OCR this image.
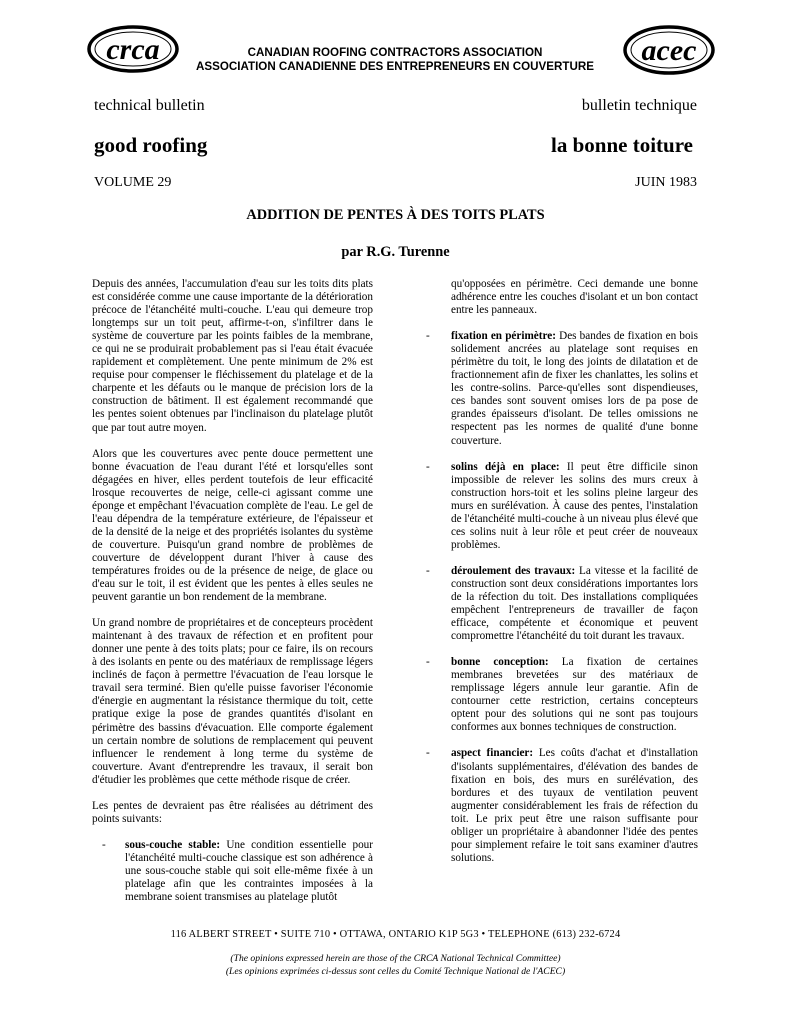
crca	acec
CANADIAN ROOFING CONTRACTORS ASSOCIATION
ASSOCIATION CANADIENNE DES ENTREPRENEURS EN COUVERTURE
technical bulletin	bulletin technique
good roofing	la bonne toiture
VOLUME 29	JUIN 1983
ADDITION DE PENTES À DES TOITS PLATS
par R.G. Turenne

Depuis des années, l'accumulation d'eau sur les toits dits plats est considérée comme une cause importante de la détérioration précoce de l'étanchéité multi-couche. L'eau qui demeure trop longtemps sur un toit peut, affirme-t-on, s'infiltrer dans le système de couverture par les points faibles de la membrane, ce qui ne se produirait probablement pas si l'eau était évacuée rapidement et complètement. Une pente minimum de 2% est requise pour compenser le fléchissement du platelage et de la charpente et les défauts ou le manque de précision lors de la construction de bâtiment. Il est également recommandé que les pentes soient obtenues par l'inclinaison du platelage plutôt que par tout autre moyen.

Alors que les couvertures avec pente douce permettent une bonne évacuation de l'eau durant l'été et lorsqu'elles sont dégagées en hiver, elles perdent toutefois de leur efficacité lrosque recouvertes de neige, celle-ci agissant comme une éponge et empêchant l'évacuation complète de l'eau. Le gel de l'eau dépendra de la température extérieure, de l'épaisseur et de la densité de la neige et des propriétés isolantes du système de couverture. Puisqu'un grand nombre de problèmes de couverture de développent durant l'hiver à cause des températures froides ou de la présence de neige, de glace ou d'eau sur le toit, il est évident que les pentes à elles seules ne peuvent garantie un bon rendement de la membrane.

Un grand nombre de propriétaires et de concepteurs procèdent maintenant à des travaux de réfection et en profitent pour donner une pente à des toits plats; pour ce faire, ils on recours à des isolants en pente ou des matériaux de remplissage légers inclinés de façon à permettre l'évacuation de l'eau lorsque le travail sera terminé. Bien qu'elle puisse favoriser l'économie d'énergie en augmentant la résistance thermique du toit, cette pratique exige la pose de grandes quantités d'isolant en périmètre des bassins d'évacuation. Elle comporte également un certain nombre de solutions de remplacement qui peuvent influencer le rendement à long terme du système de couverture. Avant d'entreprendre les travaux, il serait bon d'étudier les problèmes que cette méthode risque de créer.

Les pentes de devraient pas être réalisées au détriment des points suivants:

- sous-couche stable: Une condition essentielle pour l'étanchéité multi-couche classique est son adhérence à une sous-couche stable qui soit elle-même fixée à un platelage afin que les contraintes imposées à la membrane soient transmises au platelage plutôt

qu'opposées en périmètre. Ceci demande une bonne adhérence entre les couches d'isolant et un bon contact entre les panneaux.

- fixation en périmètre: Des bandes de fixation en bois solidement ancrées au platelage sont requises en périmètre du toit, le long des joints de dilatation et de fractionnement afin de fixer les chanlattes, les solins et les contre-solins. Parce-qu'elles sont dispendieuses, ces bandes sont souvent omises lors de pa pose de grandes épaisseurs d'isolant. De telles omissions ne respectent pas les normes de qualité d'une bonne couverture.
- solins déjà en place: Il peut être difficile sinon impossible de relever les solins des murs creux à construction hors-toit et les solins pleine largeur des murs en surélévation. À cause des pentes, l'instalation de l'étanchéité multi-couche à un niveau plus élevé que ces solins nuit à leur rôle et peut créer de nouveaux problèmes.
- déroulement des travaux: La vitesse et la facilité de construction sont deux considérations importantes lors de la réfection du toit. Des installations compliquées empêchent l'entrepreneurs de travailler de façon efficace, compétente et économique et peuvent compromettre l'étanchéité du toit durant les travaux.
- bonne conception: La fixation de certaines membranes brevetées sur des matériaux de remplissage légers annule leur garantie. Afin de contourner cette restriction, certains concepteurs optent pour des solutions qui ne sont pas toujours conformes aux bonnes techniques de construction.
- aspect financier: Les coûts d'achat et d'installation d'isolants supplémentaires, d'élévation des bandes de fixation en bois, des murs en surélévation, des bordures et des tuyaux de ventilation peuvent augmenter considérablement les frais de réfection du toit. Le prix peut être une raison suffisante pour obliger un propriétaire à abandonner l'idée des pentes pour simplement refaire le toit sans examiner d'autres solutions.
116 ALBERT STREET • SUITE 710 • OTTAWA, ONTARIO K1P 5G3 • TELEPHONE (613) 232-6724
(The opinions expressed herein are those of the CRCA National Technical Committee)
(Les opinions exprimées ci-dessus sont celles du Comité Technique National de l'ACEC)
